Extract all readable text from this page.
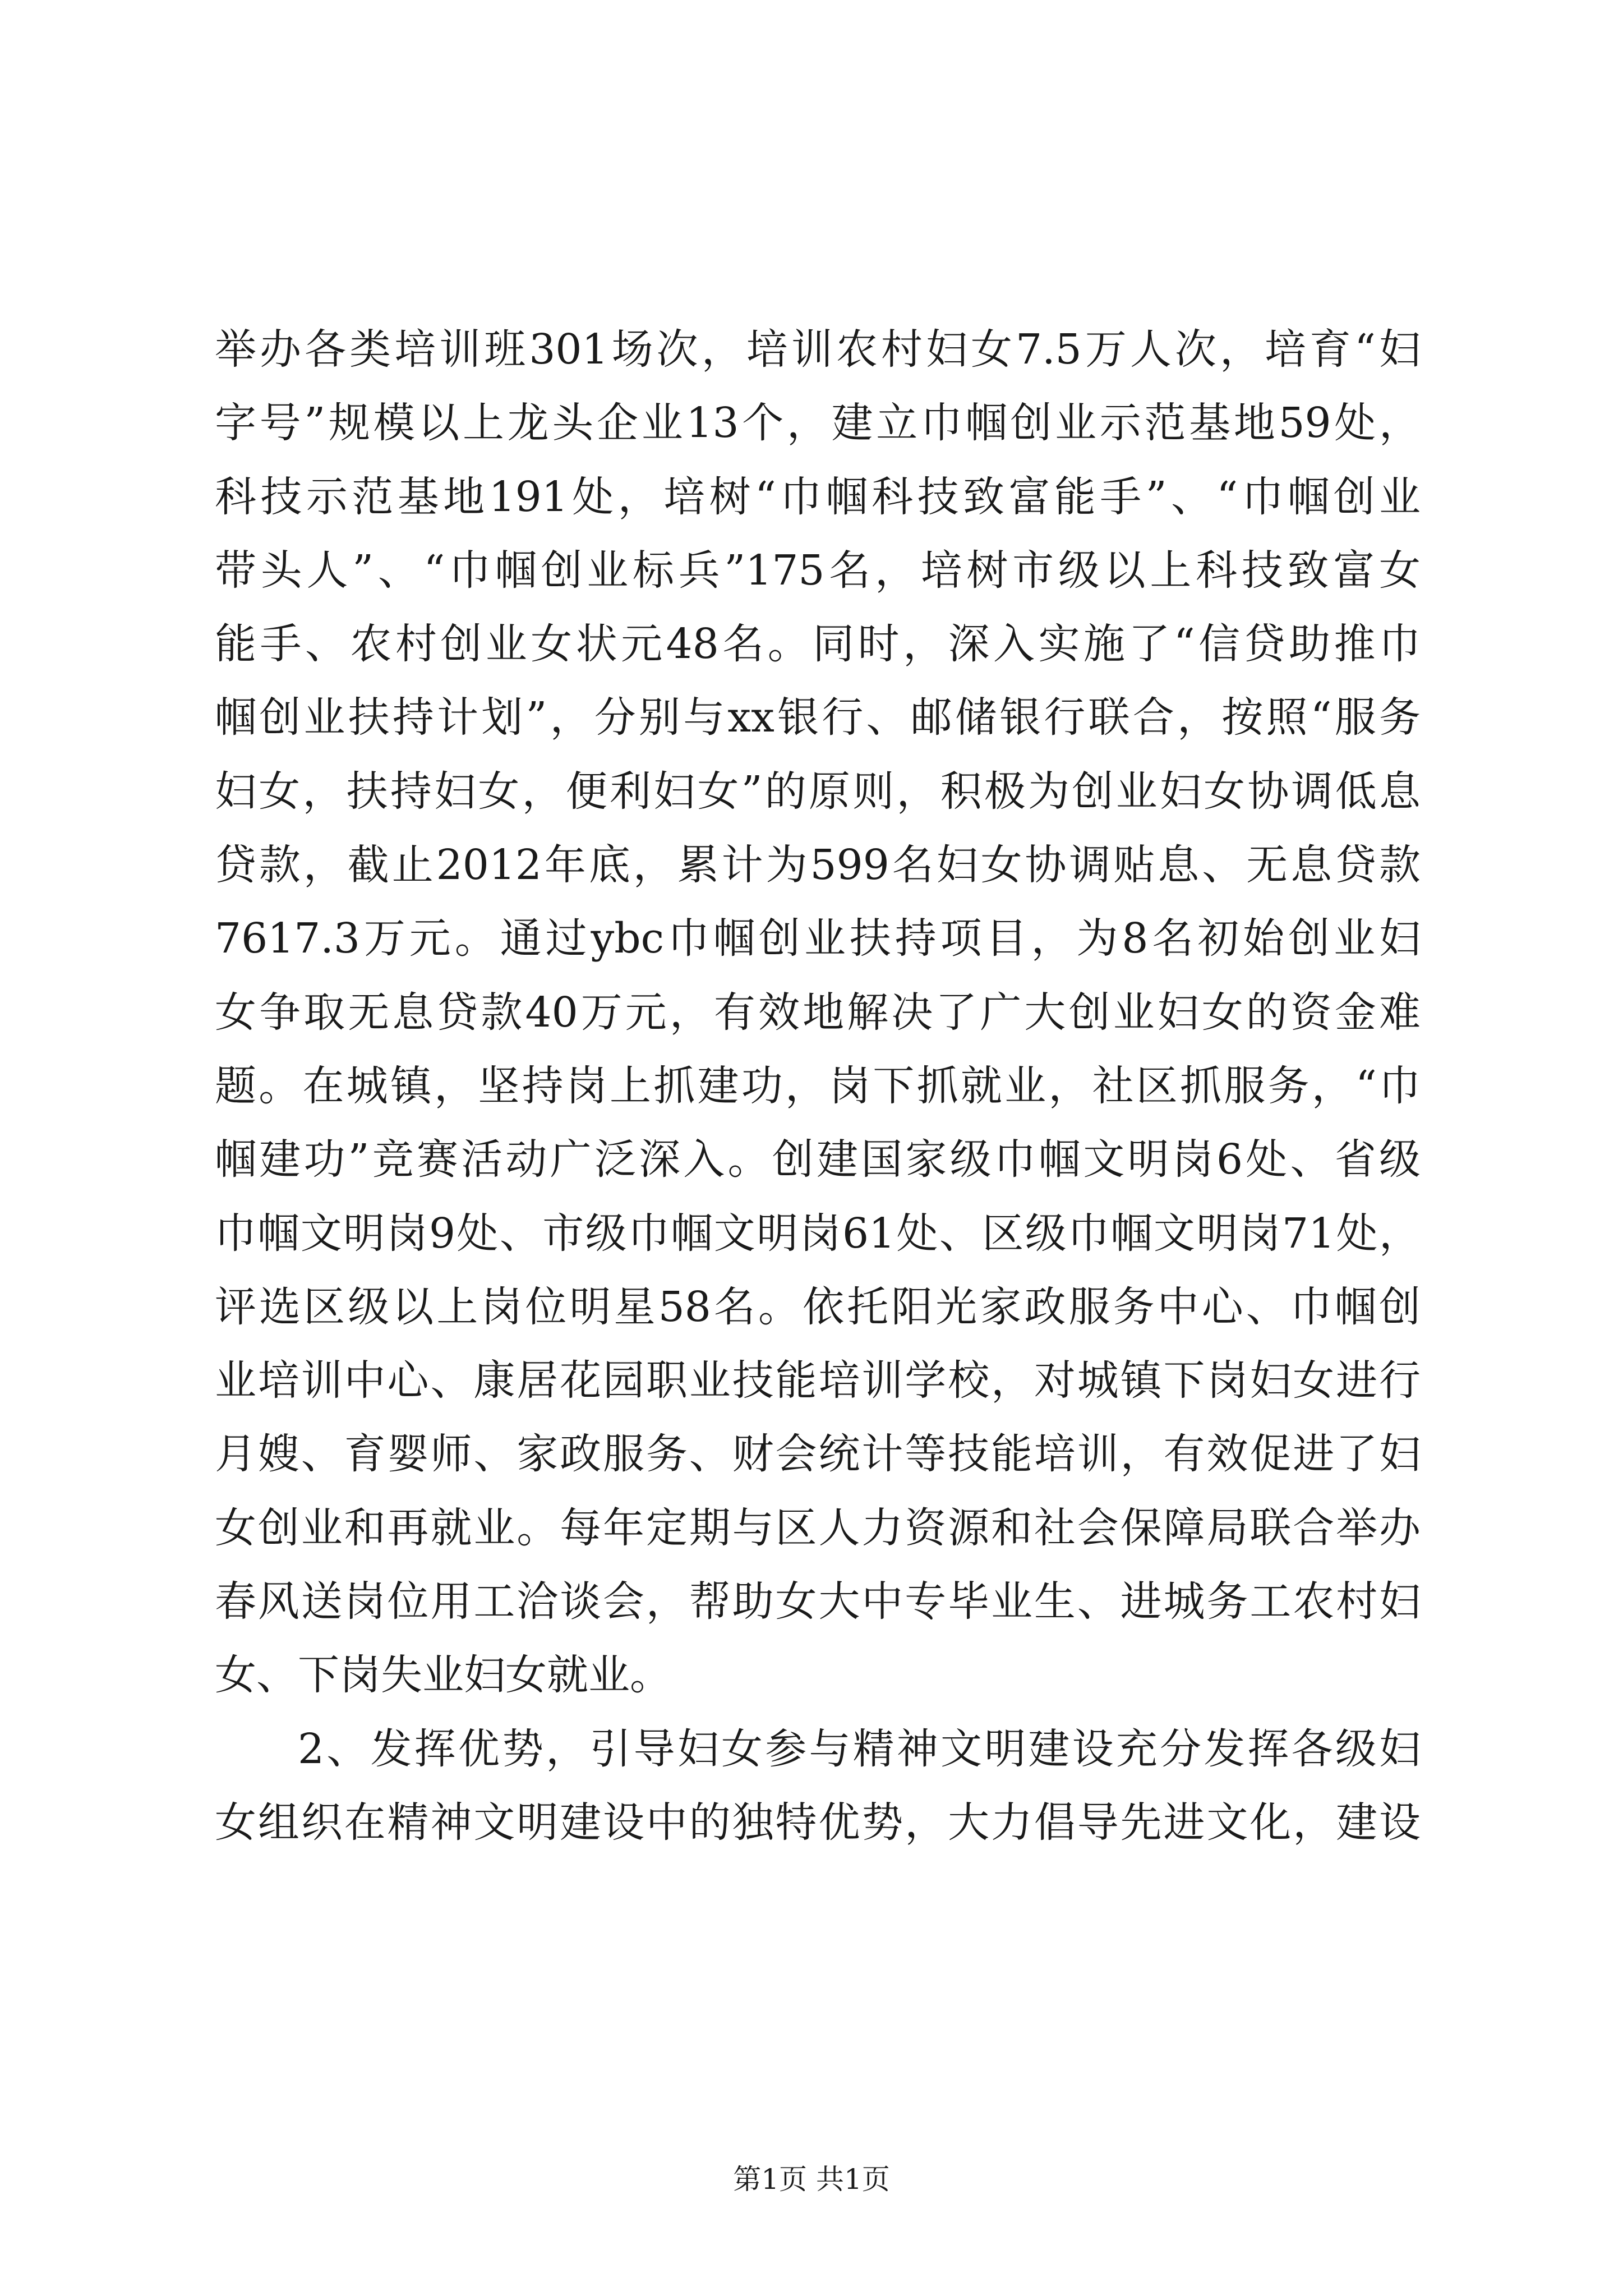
举办各类培训班301场次，培训农村妇女7.5万人次，培育“妇
字号”规模以上龙头企业13个，建立巾帼创业示范基地59处，
科技示范基地191处，培树“巾帼科技致富能手”、“巾帼创业
带头人”、“巾帼创业标兵”175名，培树市级以上科技致富女
能手、农村创业女状元48名。同时，深入实施了“信贷助推巾
帼创业扶持计划”，分别与xx银行、邮储银行联合，按照“服务
妇女，扶持妇女，便利妇女”的原则，积极为创业妇女协调低息
贷款，截止2012年底，累计为599名妇女协调贴息、无息贷款
7617.3万元。通过ybc巾帼创业扶持项目，为8名初始创业妇
女争取无息贷款40万元，有效地解决了广大创业妇女的资金难
题。在城镇，坚持岗上抓建功，岗下抓就业，社区抓服务，“巾
帼建功”竞赛活动广泛深入。创建国家级巾帼文明岗6处、省级
巾帼文明岗9处、市级巾帼文明岗61处、区级巾帼文明岗71处，
评选区级以上岗位明星58名。依托阳光家政服务中心、巾帼创
业培训中心、康居花园职业技能培训学校，对城镇下岗妇女进行
月嫂、育婴师、家政服务、财会统计等技能培训，有效促进了妇
女创业和再就业。每年定期与区人力资源和社会保障局联合举办
春风送岗位用工洽谈会，帮助女大中专毕业生、进城务工农村妇
女、下岗失业妇女就业。
2、发挥优势，引导妇女参与精神文明建设充分发挥各级妇
女组织在精神文明建设中的独特优势，大力倡导先进文化，建设
第1页 共1页
